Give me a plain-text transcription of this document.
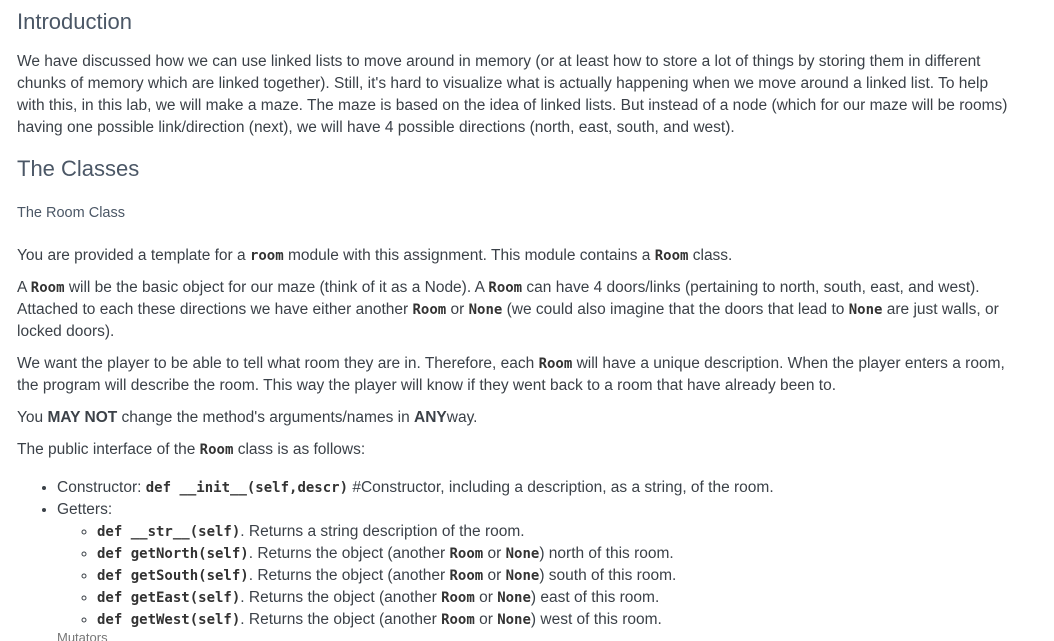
Introduction

We have discussed how we can use linked lists to move around in memory (or at least how to store a lot of things by storing them in different chunks of memory which are linked together). Still, it's hard to visualize what is actually happening when we move around a linked list. To help with this, in this lab, we will make a maze. The maze is based on the idea of linked lists. But instead of a node (which for our maze will be rooms) having one possible link/direction (next), we will have 4 possible directions (north, east, south, and west).

The Classes
The Room Class

You are provided a template for a room module with this assignment. This module contains a Room class.

A Room will be the basic object for our maze (think of it as a Node). A Room can have 4 doors/links (pertaining to north, south, east, and west). Attached to each these directions we have either another Room or None (we could also imagine that the doors that lead to None are just walls, or locked doors).

We want the player to be able to tell what room they are in. Therefore, each Room will have a unique description. When the player enters a room, the program will describe the room. This way the player will know if they went back to a room that have already been to.

You MAY NOT change the method's arguments/names in ANYway.

The public interface of the Room class is as follows:

• Constructor: def __init__(self,descr) #Constructor, including a description, as a string, of the room.
• Getters:
◦ def __str__(self). Returns a string description of the room.
◦ def getNorth(self). Returns the object (another Room or None) north of this room.
◦ def getSouth(self). Returns the object (another Room or None) south of this room.
◦ def getEast(self). Returns the object (another Room or None) east of this room.
◦ def getWest(self). Returns the object (another Room or None) west of this room.
• Mutators
